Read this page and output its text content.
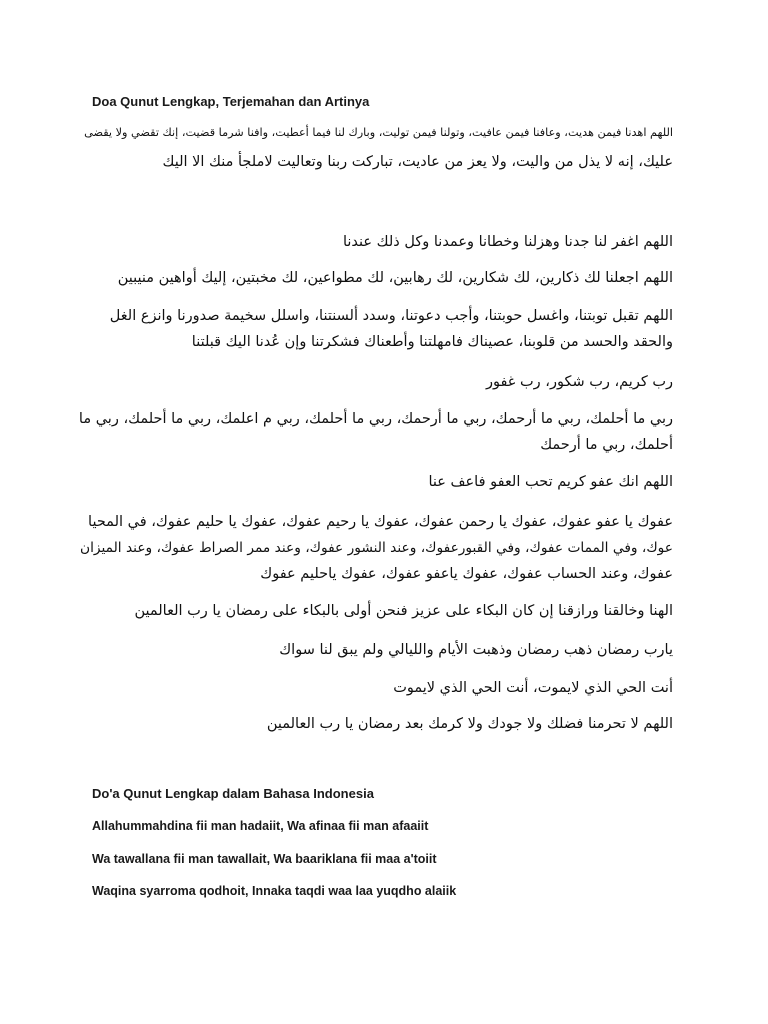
Doa Qunut Lengkap, Terjemahan dan Artinya
اللهم اهدنا فيمن هديت، وعافنا فيمن عافيت، وتولنا فيمن توليت، وبارك لنا فيما أعطيت، وافنا شرما قضيت، إنك تقضي ولا يقضى
عليك، إنه لا يذل من واليت، ولا يعز من عاديت، تباركت ربنا وتعاليت لاملجأ منك الا اليك
اللهم اغفر لنا جدنا وهزلنا وخطانا وعمدنا وكل ذلك عندنا
اللهم اجعلنا لك ذكارين، لك شكارين، لك رهابين، لك مطواعين، لك مخبتين، إليك أواهين منيبين
اللهم تقبل توبتنا، واغسل حوبتنا، وأجب دعوتنا، وسدد ألسنتنا، واسلل سخيمة صدورنا وانزع الغل
والحقد والحسد من قلوبنا، عصيناك فامهلتنا وأطعناك فشكرتنا وإن عُدنا اليك قبلتنا
رب كريم، رب شكور، رب غفور
ربي ما أحلمك، ربي ما أرحمك، ربي ما أرحمك، ربي ما أحلمك، ربي م اعلمك، ربي ما أحلمك، ربي ما
أحلمك، ربي ما أرحمك
اللهم انك عفو كريم تحب العفو فاعف عنا
عفوك يا عفو عفوك، عفوك يا رحمن عفوك، عفوك يا رحيم عفوك، عفوك يا حليم عفوك، في المحيا
عوك، وفي الممات عفوك، وفي القبورعفوك، وعند النشور عفوك، وعند ممر الصراط عفوك، وعند الميزان
عفوك، وعند الحساب عفوك، عفوك ياعفو عفوك، عفوك ياحليم عفوك
الهنا وخالقنا ورازقنا إن كان البكاء على عزيز فنحن أولى بالبكاء على رمضان يا رب العالمين
يارب رمضان ذهب رمضان وذهبت الأيام والليالي ولم يبق لنا سواك
أنت الحي الذي لايموت، أنت الحي الذي لايموت
اللهم لا تحرمنا فضلك ولا جودك ولا كرمك بعد رمضان يا رب العالمين
Do'a Qunut Lengkap dalam Bahasa Indonesia
Allahummahdina fii man hadaiit, Wa afinaa fii man afaaiit
Wa tawallana fii man tawallait, Wa baariklana fii maa a'toiit
Waqina syarroma qodhoit, Innaka taqdi waa laa yuqdho alaiik
